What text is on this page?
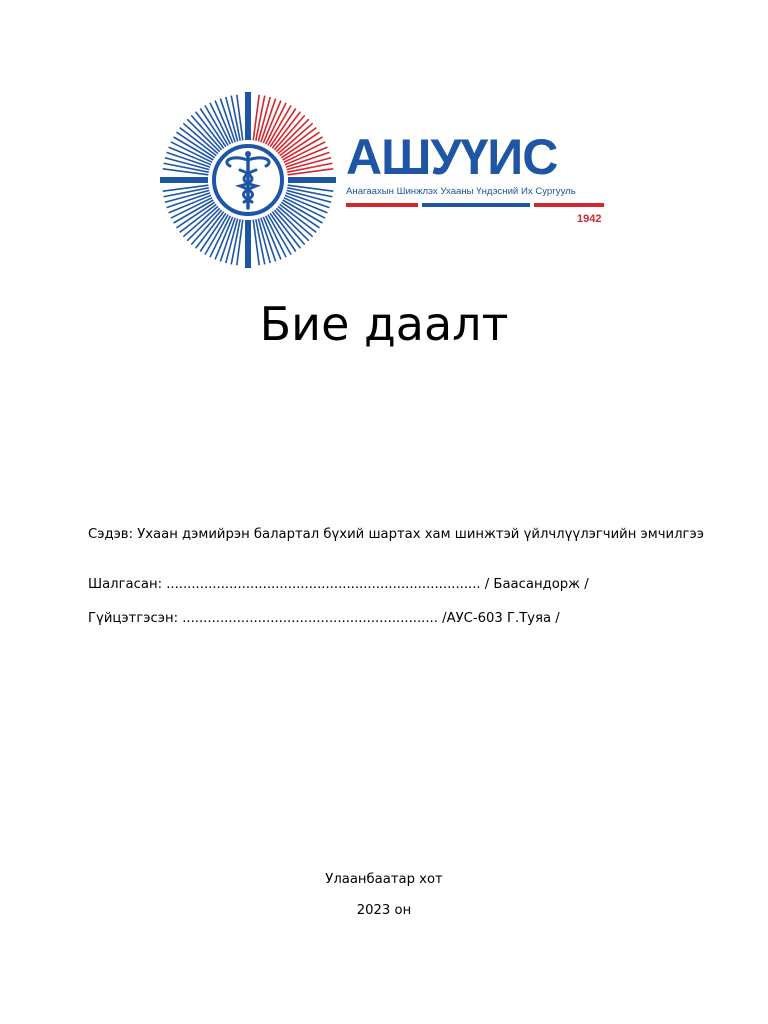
АШУҮИС
Анагаахын Шинжлэх Ухааны Үндэсний Их Сургууль
1942
Бие даалт
Сэдэв: Ухаан дэмийрэн балартал бүхий шартах хам шинжтэй үйлчлүүлэгчийн эмчилгээ
Шалгасан: ........................................................................... / Баасандорж /
Гүйцэтгэсэн: ............................................................. /АУС-603 Г.Туяа /
Улаанбаатар хот
2023 он
